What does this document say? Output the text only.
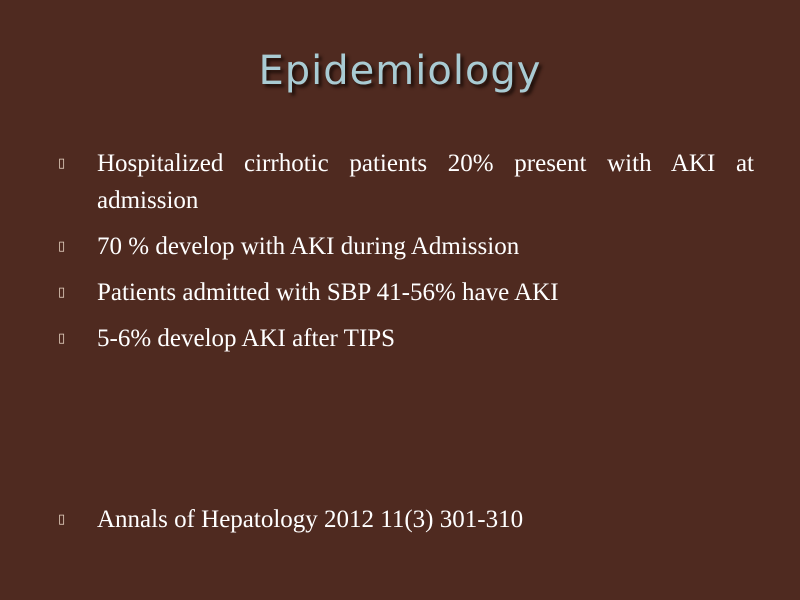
Epidemiology
▯	Hospitalized cirrhotic patients 20% present with AKI at admission
▯	70 % develop with AKI during Admission
▯	Patients admitted with SBP 41-56% have AKI
▯	5-6% develop AKI after TIPS
▯	Annals of Hepatology 2012 11(3) 301-310
